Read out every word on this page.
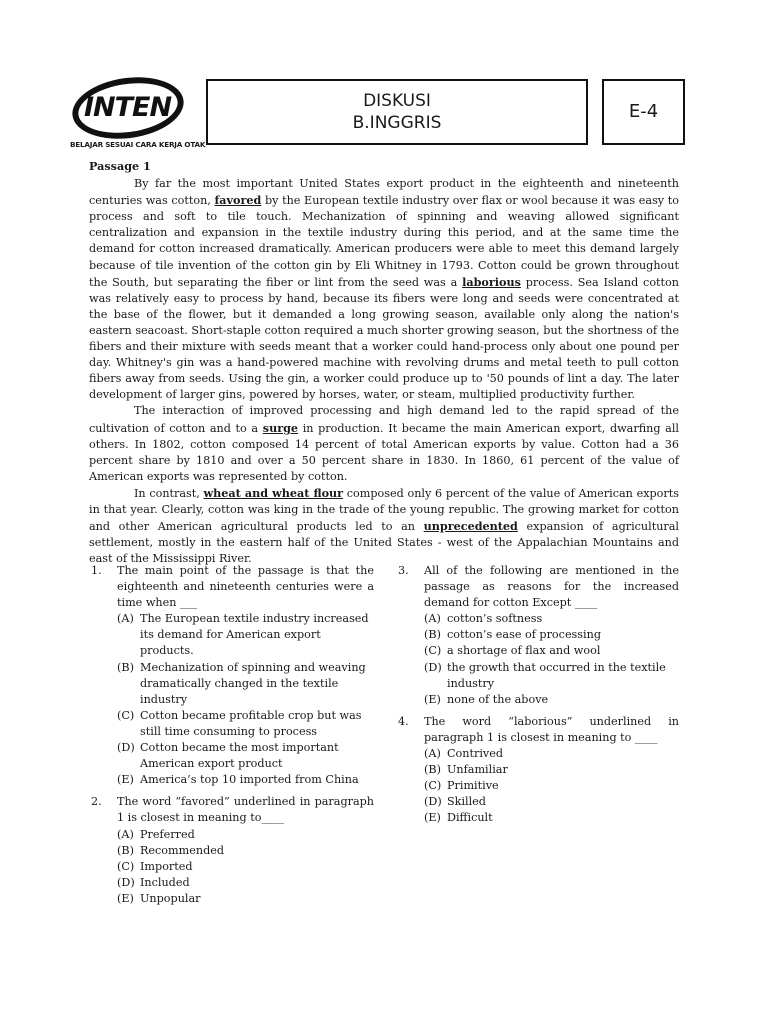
INTEN
BELAJAR SESUAI CARA KERJA OTAK
DISKUSI
B.INGGRIS
E-4

Passage 1

By far the most important United States export product in the eighteenth and nineteenth centuries was cotton, favored by the European textile industry over flax or wool because it was easy to process and soft to tile touch. Mechanization of spinning and weaving allowed significant centralization and expansion in the textile industry during this period, and at the same time the demand for cotton increased dramatically. American producers were able to meet this demand largely because of tile invention of the cotton gin by Eli Whitney in 1793. Cotton could be grown throughout the South, but separating the fiber or lint from the seed was a laborious process. Sea Island cotton was relatively easy to process by hand, because its fibers were long and seeds were concentrated at the base of the flower, but it demanded a long growing season, available only along the nation's eastern seacoast. Short-staple cotton required a much shorter growing season, but the shortness of the fibers and their mixture with seeds meant that a worker could hand-process only about one pound per day. Whitney's gin was a hand-powered machine with revolving drums and metal teeth to pull cotton fibers away from seeds. Using the gin, a worker could produce up to '50 pounds of lint a day. The later development of larger gins, powered by horses, water, or steam, multiplied productivity further.

The interaction of improved processing and high demand led to the rapid spread of the cultivation of cotton and to a surge in production. It became the main American export, dwarfing all others. In 1802, cotton composed 14 percent of total American exports by value. Cotton had a 36 percent share by 1810 and over a 50 percent share in 1830. In 1860, 61 percent of the value of American exports was represented by cotton.

In contrast, wheat and wheat flour composed only 6 percent of the value of American exports in that year. Clearly, cotton was king in the trade of the young republic. The growing market for cotton and other American agricultural products led to an unprecedented expansion of agricultural settlement, mostly in the eastern half of the United States - west of the Appalachian Mountains and east of the Mississippi River.

1. The main point of the passage is that the eighteenth and nineteenth centuries were a time when ___
(A) The European textile industry increased its demand for American export products.
(B) Mechanization of spinning and weaving dramatically changed in the textile industry
(C) Cotton became profitable crop but was still time consuming to process
(D) Cotton became the most important American export product
(E) America’s top 10 imported from China
2. The word “favored” underlined in paragraph 1 is closest in meaning to____
(A) Preferred
(B) Recommended
(C) Imported
(D) Included
(E) Unpopular
3. All of the following are mentioned in the passage as reasons for the increased demand for cotton Except ____
(A) cotton’s softness
(B) cotton’s ease of processing
(C) a shortage of flax and wool
(D) the growth that occurred in the textile industry
(E) none of the above
4. The word “laborious” underlined in paragraph 1 is closest in meaning to ____
(A) Contrived
(B) Unfamiliar
(C) Primitive
(D) Skilled
(E) Difficult
